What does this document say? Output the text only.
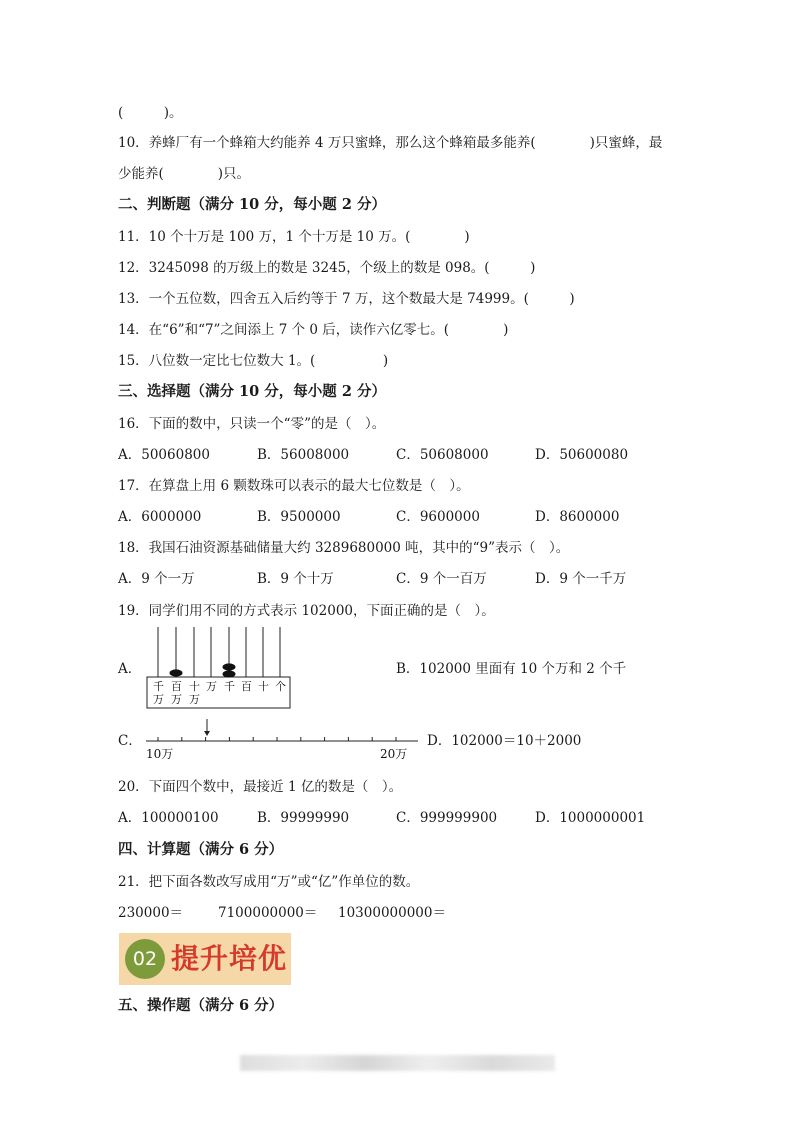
(　　　)。
10．养蜂厂有一个蜂箱大约能养 4 万只蜜蜂，那么这个蜂箱最多能养(　　　　)只蜜蜂，最
少能养(　　　　)只。
二、判断题（满分 10 分，每小题 2 分）
11．10 个十万是 100 万，1 个十万是 10 万。(　　　　)
12．3245098 的万级上的数是 3245，个级上的数是 098。(　　　)
13．一个五位数，四舍五入后约等于 7 万，这个数最大是 74999。(　　　)
14．在“6”和“7”之间添上 7 个 0 后，读作六亿零七。(　　　　)
15．八位数一定比七位数大 1。(　　　　　)
三、选择题（满分 10 分，每小题 2 分）
16．下面的数中，只读一个“零”的是（　）。
A．50060800	B．56008000	C．50608000	D．50600080
17．在算盘上用 6 颗数珠可以表示的最大七位数是（　）。
A．6000000	B．9500000	C．9600000	D．8600000
18．我国石油资源基础储量大约 3289680000 吨，其中的“9”表示（　）。
A．9 个一万	B．9 个十万	C．9 个一百万	D．9 个一千万
19．同学们用不同的方式表示 102000，下面正确的是（　）。
A．
千 百 十 万 千 百 十 个
万 万 万
B．102000 里面有 10 个万和 2 个千
C．
10万	20万
D．102000＝10＋2000
20．下面四个数中，最接近 1 亿的数是（　）。
A．100000100	B．99999990	C．999999900	D．1000000001
四、计算题（满分 6 分）
21．把下面各数改写成用“万”或“亿”作单位的数。
230000＝	7100000000＝ 10300000000＝
02 提升培优
五、操作题（满分 6 分）
